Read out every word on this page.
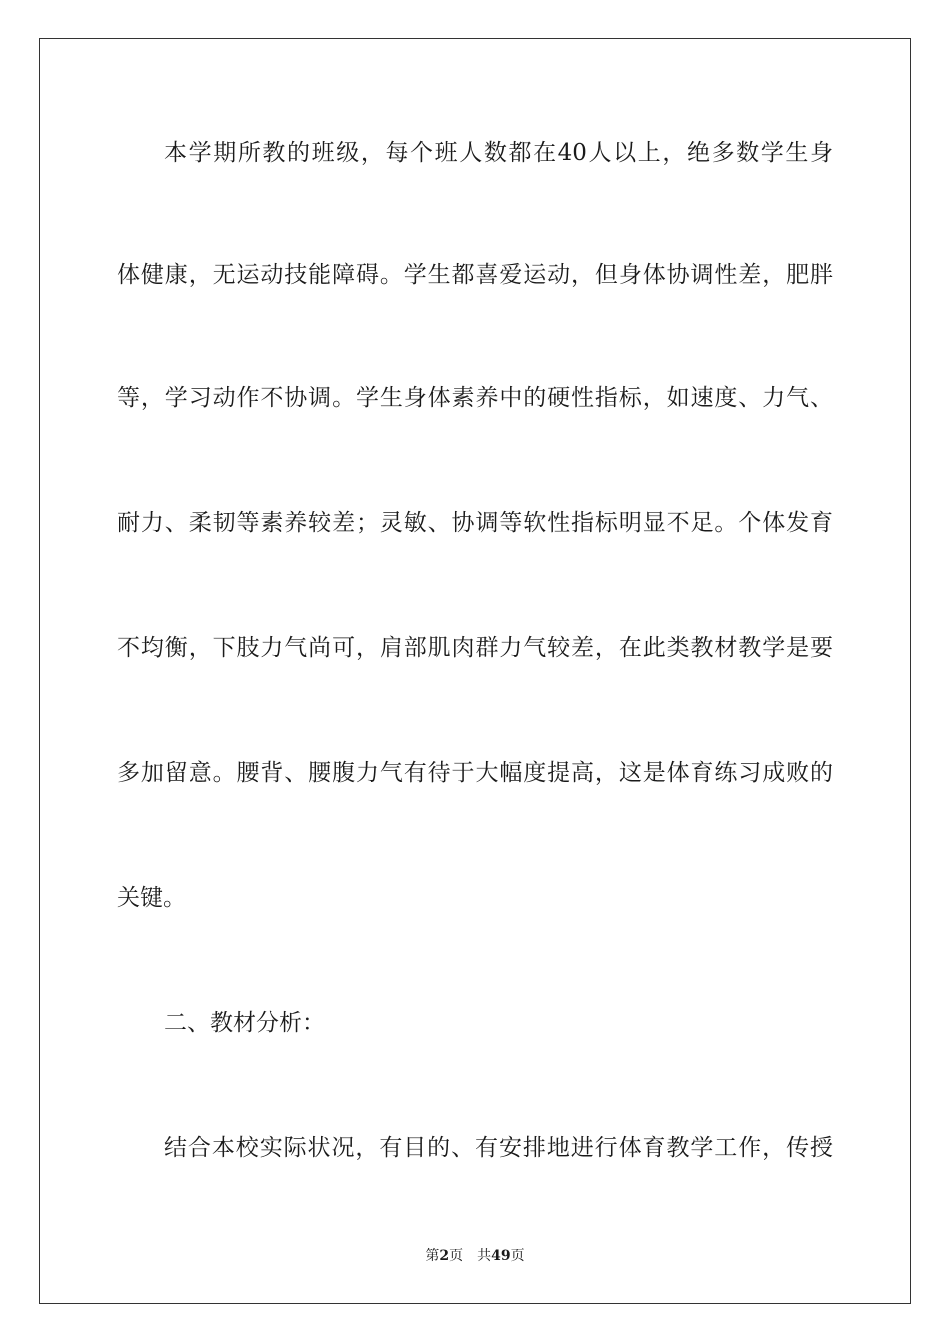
本学期所教的班级，每个班人数都在40人以上，绝多数学生身
体健康，无运动技能障碍。学生都喜爱运动，但身体协调性差，肥胖
等，学习动作不协调。学生身体素养中的硬性指标，如速度、力气、
耐力、柔韧等素养较差；灵敏、协调等软性指标明显不足。个体发育
不均衡，下肢力气尚可，肩部肌肉群力气较差，在此类教材教学是要
多加留意。腰背、腰腹力气有待于大幅度提高，这是体育练习成败的
关键。
二、教材分析：
结合本校实际状况，有目的、有安排地进行体育教学工作，传授
第2页 共49页
